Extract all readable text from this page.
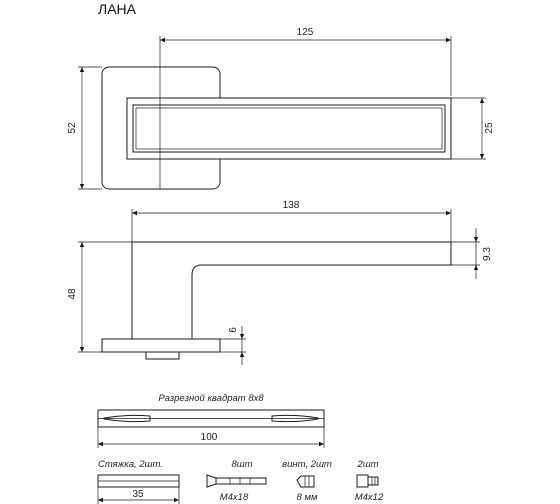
ЛАНА
125
52	25
138
48
9.3
6
Разрезной квадрат 8х8
100
Стяжка, 2шт.
35
8шт
М4х18
винт, 2шт
8 мм
2шт
М4х12
